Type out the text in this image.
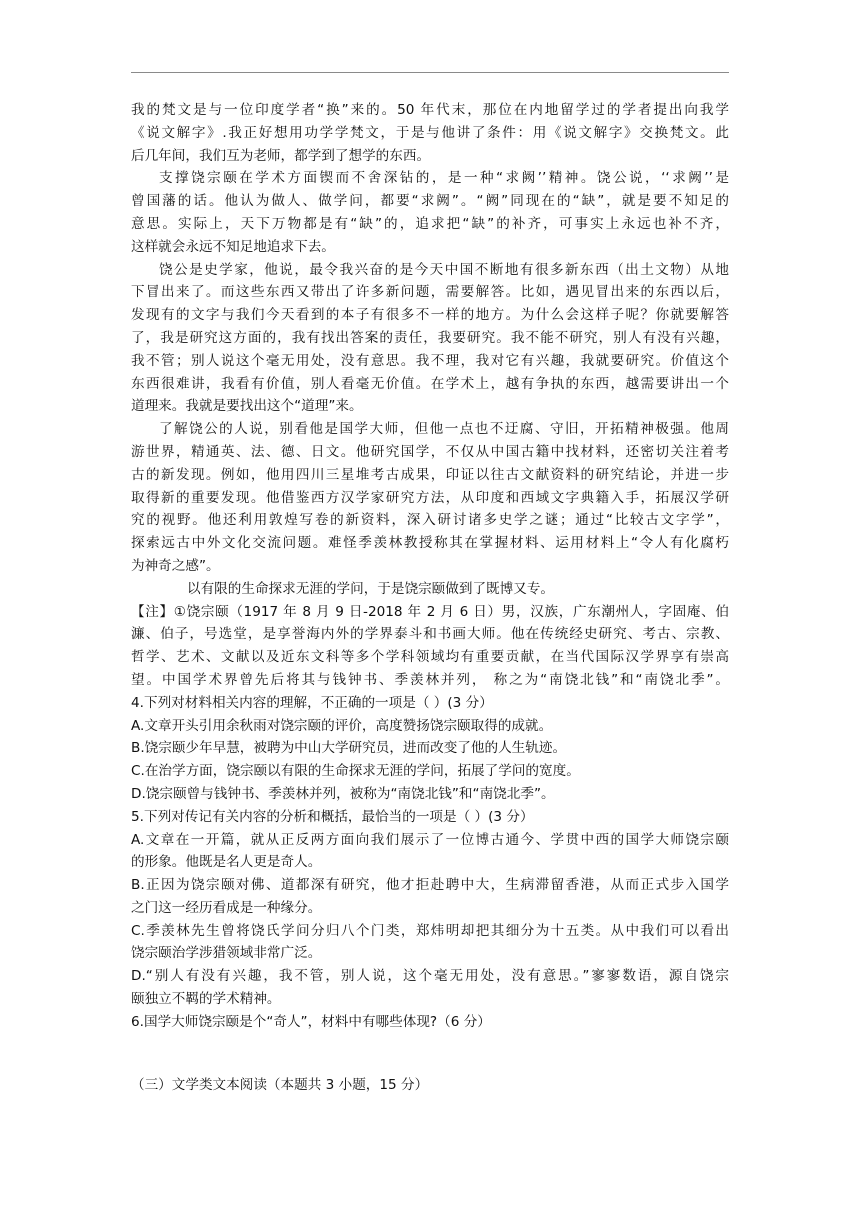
我的梵文是与一位印度学者“换”来的。50 年代末，那位在内地留学过的学者提出向我学
《说文解字》.我正好想用功学学梵文，于是与他讲了条件：用《说文解字》交换梵文。此
后几年间，我们互为老师，都学到了想学的东西。
支撑饶宗颐在学术方面锲而不舍深钻的，是一种“求阙’’精神。饶公说，‘‘求阙’’是
曾国藩的话。他认为做人、做学问，都要“求阙”。“阙”同现在的“缺”，就是要不知足的
意思。实际上，天下万物都是有“缺”的，追求把“缺”的补齐，可事实上永远也补不齐，
这样就会永远不知足地追求下去。
饶公是史学家，他说，最令我兴奋的是今天中国不断地有很多新东西（出土文物）从地
下冒出来了。而这些东西又带出了许多新问题，需要解答。比如，遇见冒出来的东西以后，
发现有的文字与我们今天看到的本子有很多不一样的地方。为什么会这样子呢？你就要解答
了，我是研究这方面的，我有找出答案的责任，我要研究。我不能不研究，别人有没有兴趣，
我不管；别人说这个毫无用处，没有意思。我不理，我对它有兴趣，我就要研究。价值这个
东西很难讲，我看有价值，别人看毫无价值。在学术上，越有争执的东西，越需要讲出一个
道理来。我就是要找出这个“道理”来。
了解饶公的人说，别看他是国学大师，但他一点也不迂腐、守旧，开拓精神极强。他周
游世界，精通英、法、德、日文。他研究国学，不仅从中国古籍中找材料，还密切关注着考
古的新发现。例如，他用四川三星堆考古成果，印证以往古文献资料的研究结论，并进一步
取得新的重要发现。他借鉴西方汉学家研究方法，从印度和西域文字典籍入手，拓展汉学研
究的视野。他还利用敦煌写卷的新资料，深入研讨诸多史学之谜；通过“比较古文字学”，
探索远古中外文化交流问题。难怪季羡林教授称其在掌握材料、运用材料上“令人有化腐朽
为神奇之感”。
以有限的生命探求无涯的学问，于是饶宗颐做到了既博又专。
【注】①饶宗颐（1917 年 8 月 9 日-2018 年 2 月 6 日）男，汉族，广东潮州人，字固庵、伯
濂、伯子，号选堂，是享誉海内外的学界泰斗和书画大师。他在传统经史研究、考古、宗教、
哲学、艺术、文献以及近东文科等多个学科领域均有重要贡献，在当代国际汉学界享有崇高
望。中国学术界曾先后将其与钱钟书、季羡林并列， 称之为“南饶北钱”和“南饶北季”。
4.下列对材料相关内容的理解，不正确的一项是（ ）(3 分）
A.文章开头引用余秋雨对饶宗颐的评价，高度赞扬饶宗颐取得的成就。
B.饶宗颐少年早慧，被聘为中山大学研究员，进而改变了他的人生轨迹。
C.在治学方面，饶宗颐以有限的生命探求无涯的学问，拓展了学问的宽度。
D.饶宗颐曾与钱钟书、季羡林并列，被称为“南饶北钱”和“南饶北季”。
5.下列对传记有关内容的分析和概括，最恰当的一项是（ ）(3 分）
A.文章在一开篇，就从正反两方面向我们展示了一位博古通今、学贯中西的国学大师饶宗颐
的形象。他既是名人更是奇人。
B.正因为饶宗颐对佛、道都深有研究，他才拒赴聘中大，生病滞留香港，从而正式步入国学
之门这一经历看成是一种缘分。
C.季羡林先生曾将饶氏学问分归八个门类，郑炜明却把其细分为十五类。从中我们可以看出
饶宗颐治学涉猎领域非常广泛。
D.“别人有没有兴趣，我不管，别人说，这个毫无用处，没有意思。”寥寥数语，源自饶宗
颐独立不羁的学术精神。
6.国学大师饶宗颐是个“奇人”，材料中有哪些体现?（6 分）
（三）文学类文本阅读（本题共 3 小题，15 分）
